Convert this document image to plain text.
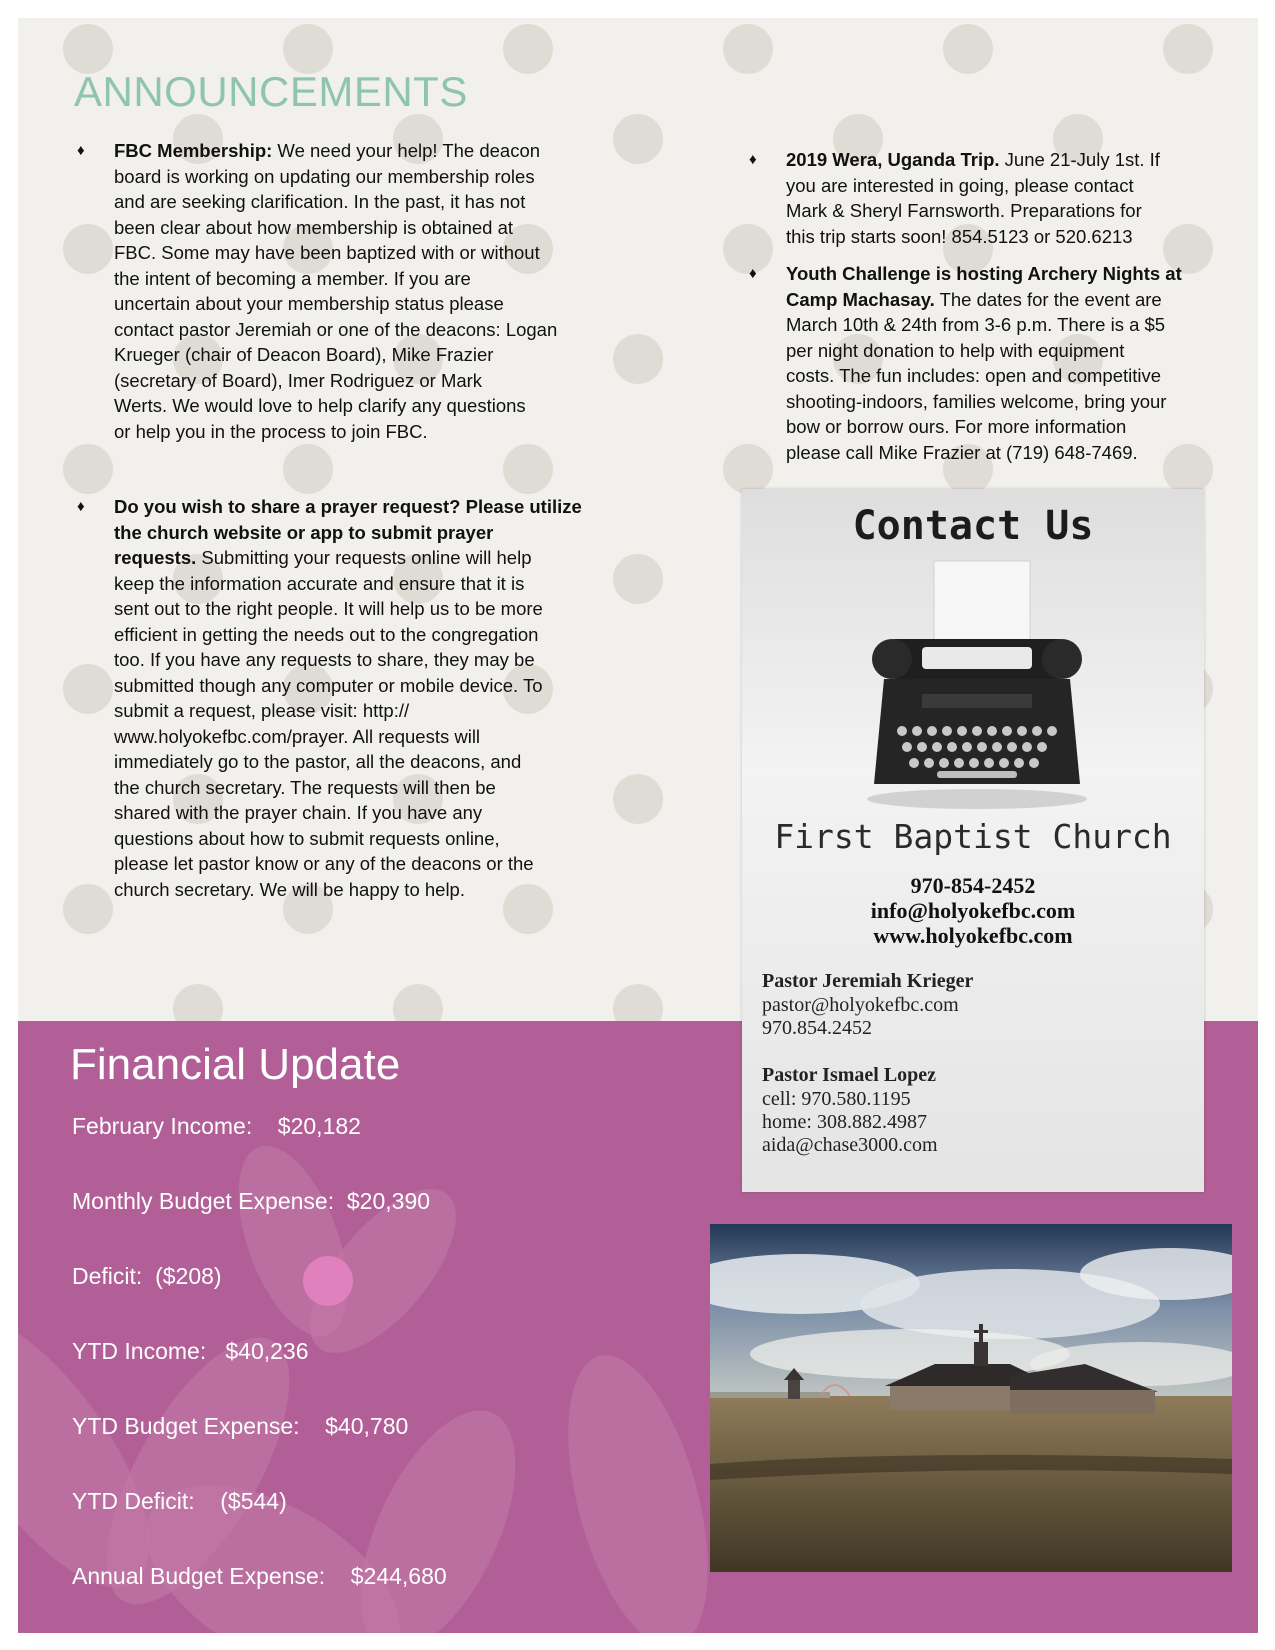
ANNOUNCEMENTS
♦ FBC Membership: We need your help! The deacon
board is working on updating our membership roles
and are seeking clarification. In the past, it has not
been clear about how membership is obtained at
FBC. Some may have been baptized with or without
the intent of becoming a member. If you are
uncertain about your membership status please
contact pastor Jeremiah or one of the deacons: Logan
Krueger (chair of Deacon Board), Mike Frazier
(secretary of Board), Imer Rodriguez or Mark
Werts. We would love to help clarify any questions
or help you in the process to join FBC.
♦ Do you wish to share a prayer request? Please utilize
the church website or app to submit prayer
requests. Submitting your requests online will help
keep the information accurate and ensure that it is
sent out to the right people. It will help us to be more
efficient in getting the needs out to the congregation
too. If you have any requests to share, they may be
submitted though any computer or mobile device. To
submit a request, please visit: http://
www.holyokefbc.com/prayer. All requests will
immediately go to the pastor, all the deacons, and
the church secretary. The requests will then be
shared with the prayer chain. If you have any
questions about how to submit requests online,
please let pastor know or any of the deacons or the
church secretary. We will be happy to help.
♦ 2019 Wera, Uganda Trip. June 21-July 1st. If
you are interested in going, please contact
Mark & Sheryl Farnsworth. Preparations for
this trip starts soon! 854.5123 or 520.6213
♦ Youth Challenge is hosting Archery Nights at
Camp Machasay. The dates for the event are
March 10th & 24th from 3-6 p.m. There is a $5
per night donation to help with equipment
costs. The fun includes: open and competitive
shooting-indoors, families welcome, bring your
bow or borrow ours. For more information
please call Mike Frazier at (719) 648-7469.
Financial Update
February Income:    $20,182
Monthly Budget Expense:  $20,390
Deficit:  ($208)
YTD Income:   $40,236
YTD Budget Expense:    $40,780
YTD Deficit:    ($544)
Annual Budget Expense:    $244,680
Contact Us
First Baptist Church
970-854-2452
info@holyokefbc.com
www.holyokefbc.com
Pastor Jeremiah Krieger
pastor@holyokefbc.com
970.854.2452
Pastor Ismael Lopez
cell: 970.580.1195
home: 308.882.4987
aida@chase3000.com
